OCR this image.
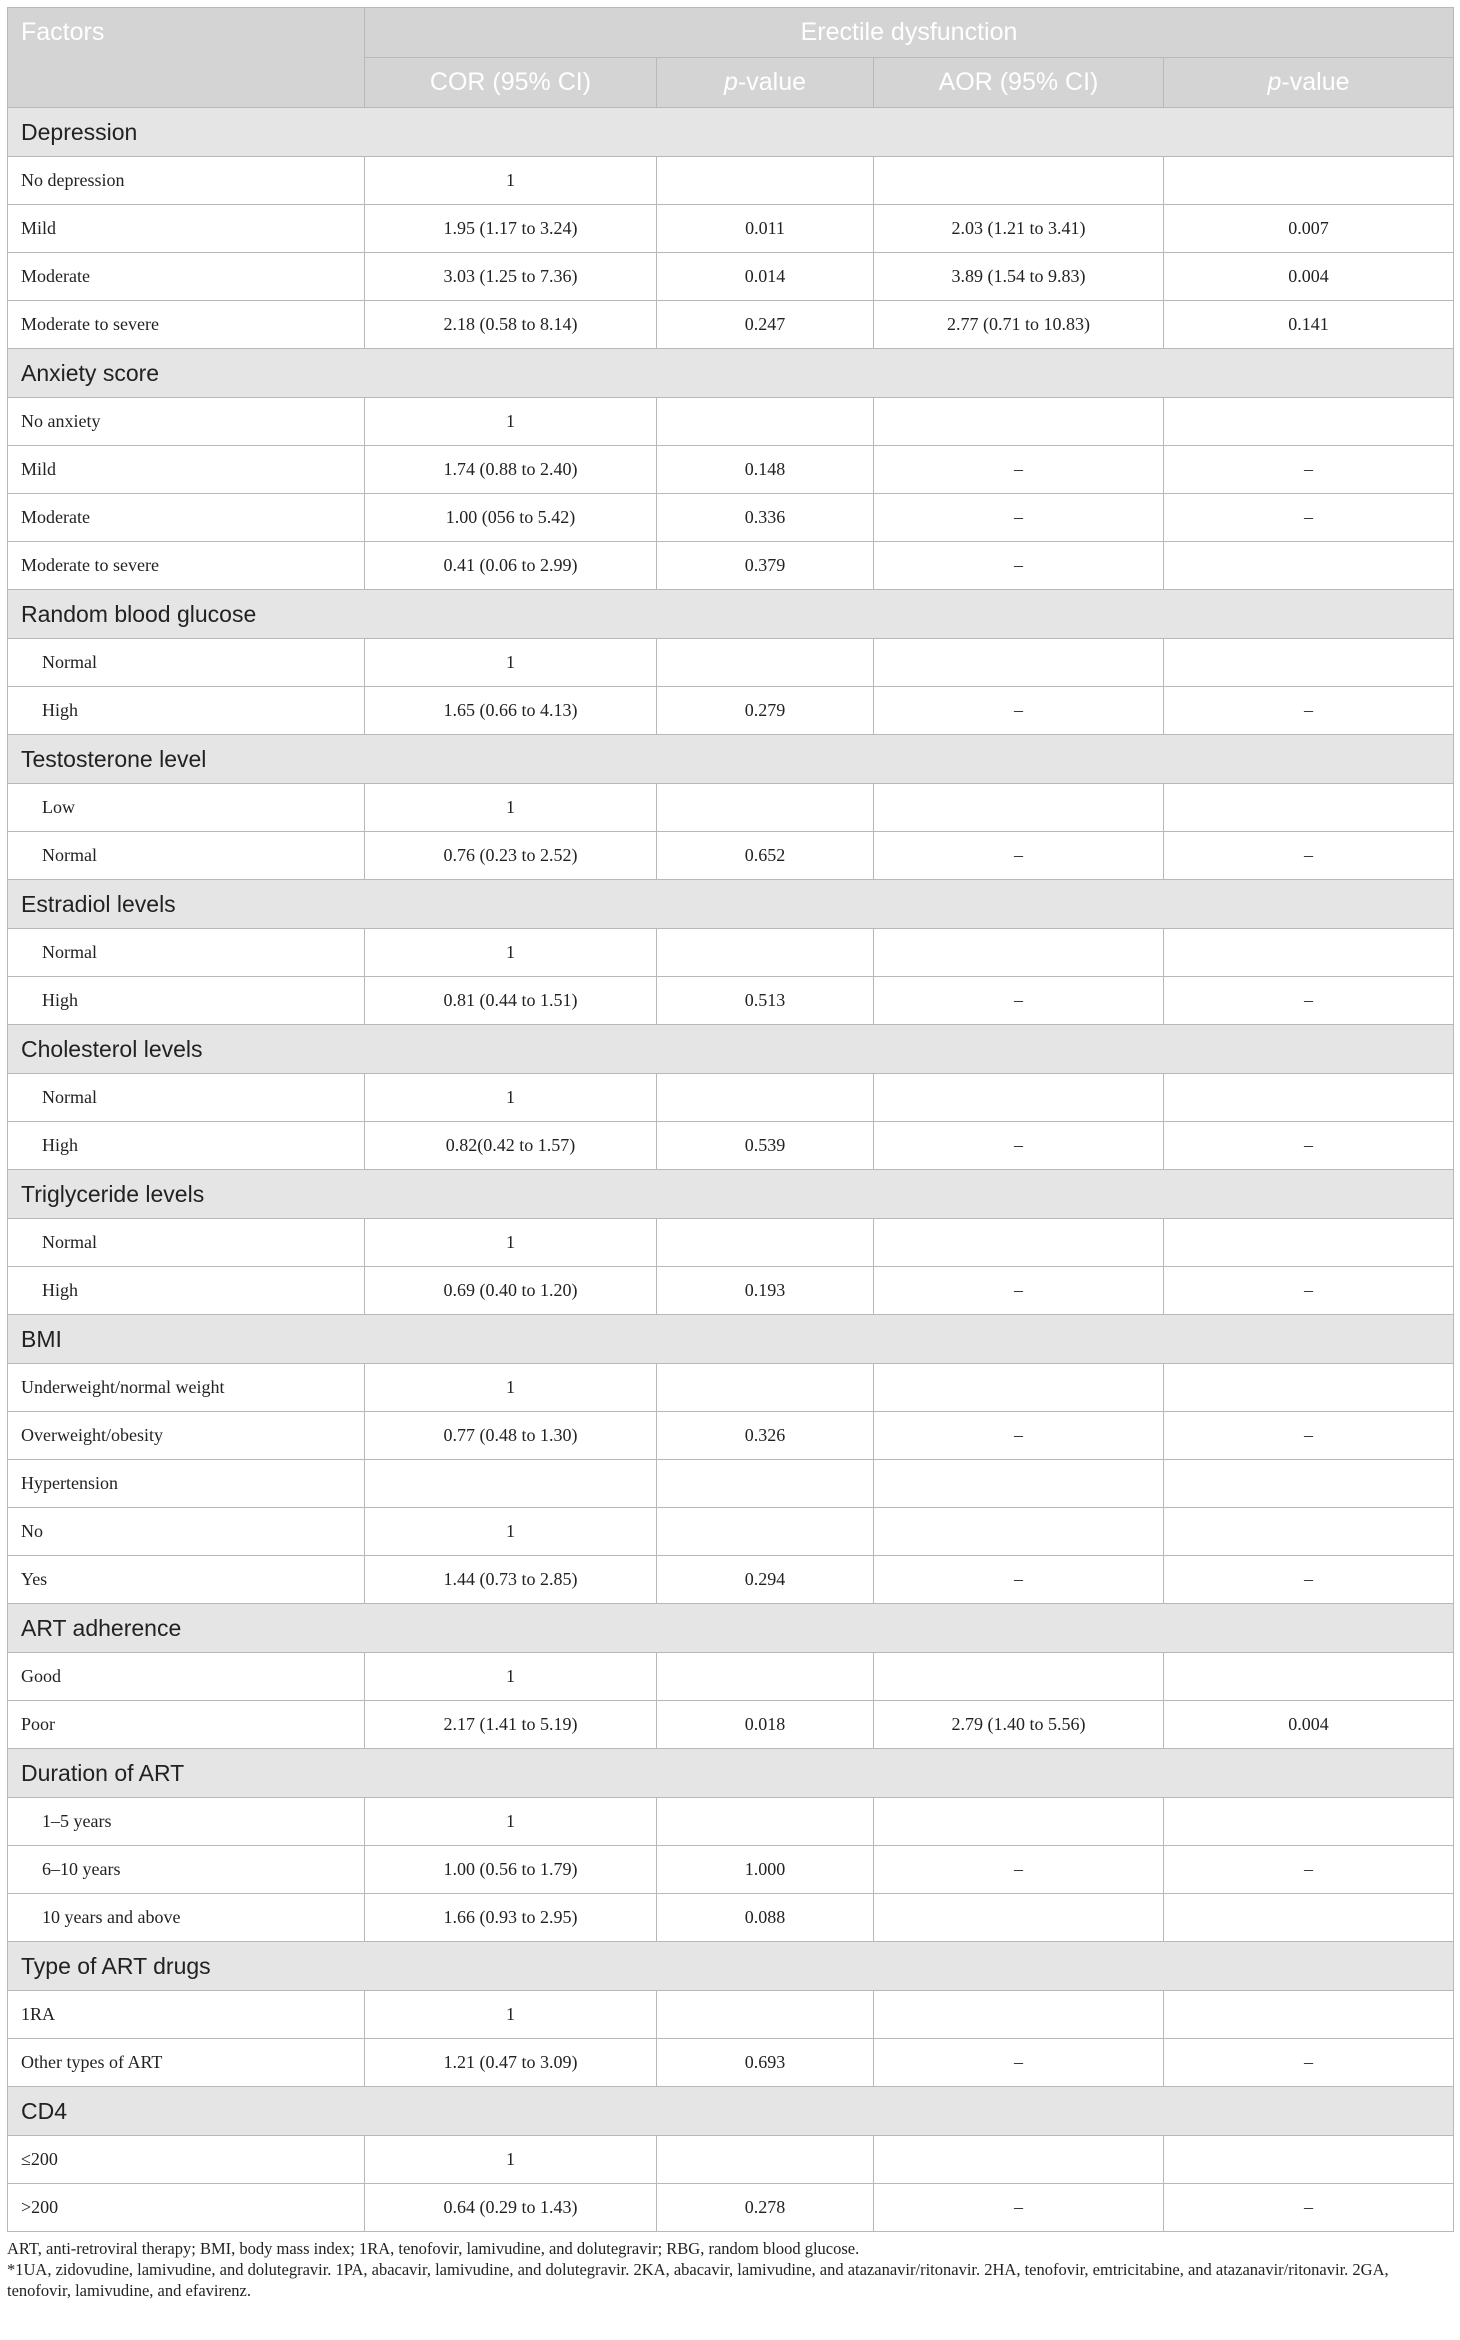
Factors	Erectile dysfunction			
	COR (95% CI)	p-value	AOR (95% CI)	p-value
Depression				
No depression	1			
Mild	1.95 (1.17 to 3.24)	0.011	2.03 (1.21 to 3.41)	0.007
Moderate	3.03 (1.25 to 7.36)	0.014	3.89 (1.54 to 9.83)	0.004
Moderate to severe	2.18 (0.58 to 8.14)	0.247	2.77 (0.71 to 10.83)	0.141
Anxiety score				
No anxiety	1			
Mild	1.74 (0.88 to 2.40)	0.148	–	–
Moderate	1.00 (056 to 5.42)	0.336	–	–
Moderate to severe	0.41 (0.06 to 2.99)	0.379	–	
Random blood glucose				
Normal	1			
High	1.65 (0.66 to 4.13)	0.279	–	–
Testosterone level				
Low	1			
Normal	0.76 (0.23 to 2.52)	0.652	–	–
Estradiol levels				
Normal	1			
High	0.81 (0.44 to 1.51)	0.513	–	–
Cholesterol levels				
Normal	1			
High	0.82(0.42 to 1.57)	0.539	–	–
Triglyceride levels				
Normal	1			
High	0.69 (0.40 to 1.20)	0.193	–	–
BMI				
Underweight/normal weight	1			
Overweight/obesity	0.77 (0.48 to 1.30)	0.326	–	–
Hypertension				
No	1			
Yes	1.44 (0.73 to 2.85)	0.294	–	–
ART adherence				
Good	1			
Poor	2.17 (1.41 to 5.19)	0.018	2.79 (1.40 to 5.56)	0.004
Duration of ART				
1–5 years	1			
6–10 years	1.00 (0.56 to 1.79)	1.000	–	–
10 years and above	1.66 (0.93 to 2.95)	0.088		
Type of ART drugs				
1RA	1			
Other types of ART	1.21 (0.47 to 3.09)	0.693	–	–
CD4				
≤200	1			
>200	0.64 (0.29 to 1.43)	0.278	–	–

ART, anti-retroviral therapy; BMI, body mass index; 1RA, tenofovir, lamivudine, and dolutegravir; RBG, random blood glucose.

*1UA, zidovudine, lamivudine, and dolutegravir. 1PA, abacavir, lamivudine, and dolutegravir. 2KA, abacavir, lamivudine, and atazanavir/ritonavir. 2HA, tenofovir, emtricitabine, and atazanavir/ritonavir. 2GA, tenofovir, lamivudine, and efavirenz.
